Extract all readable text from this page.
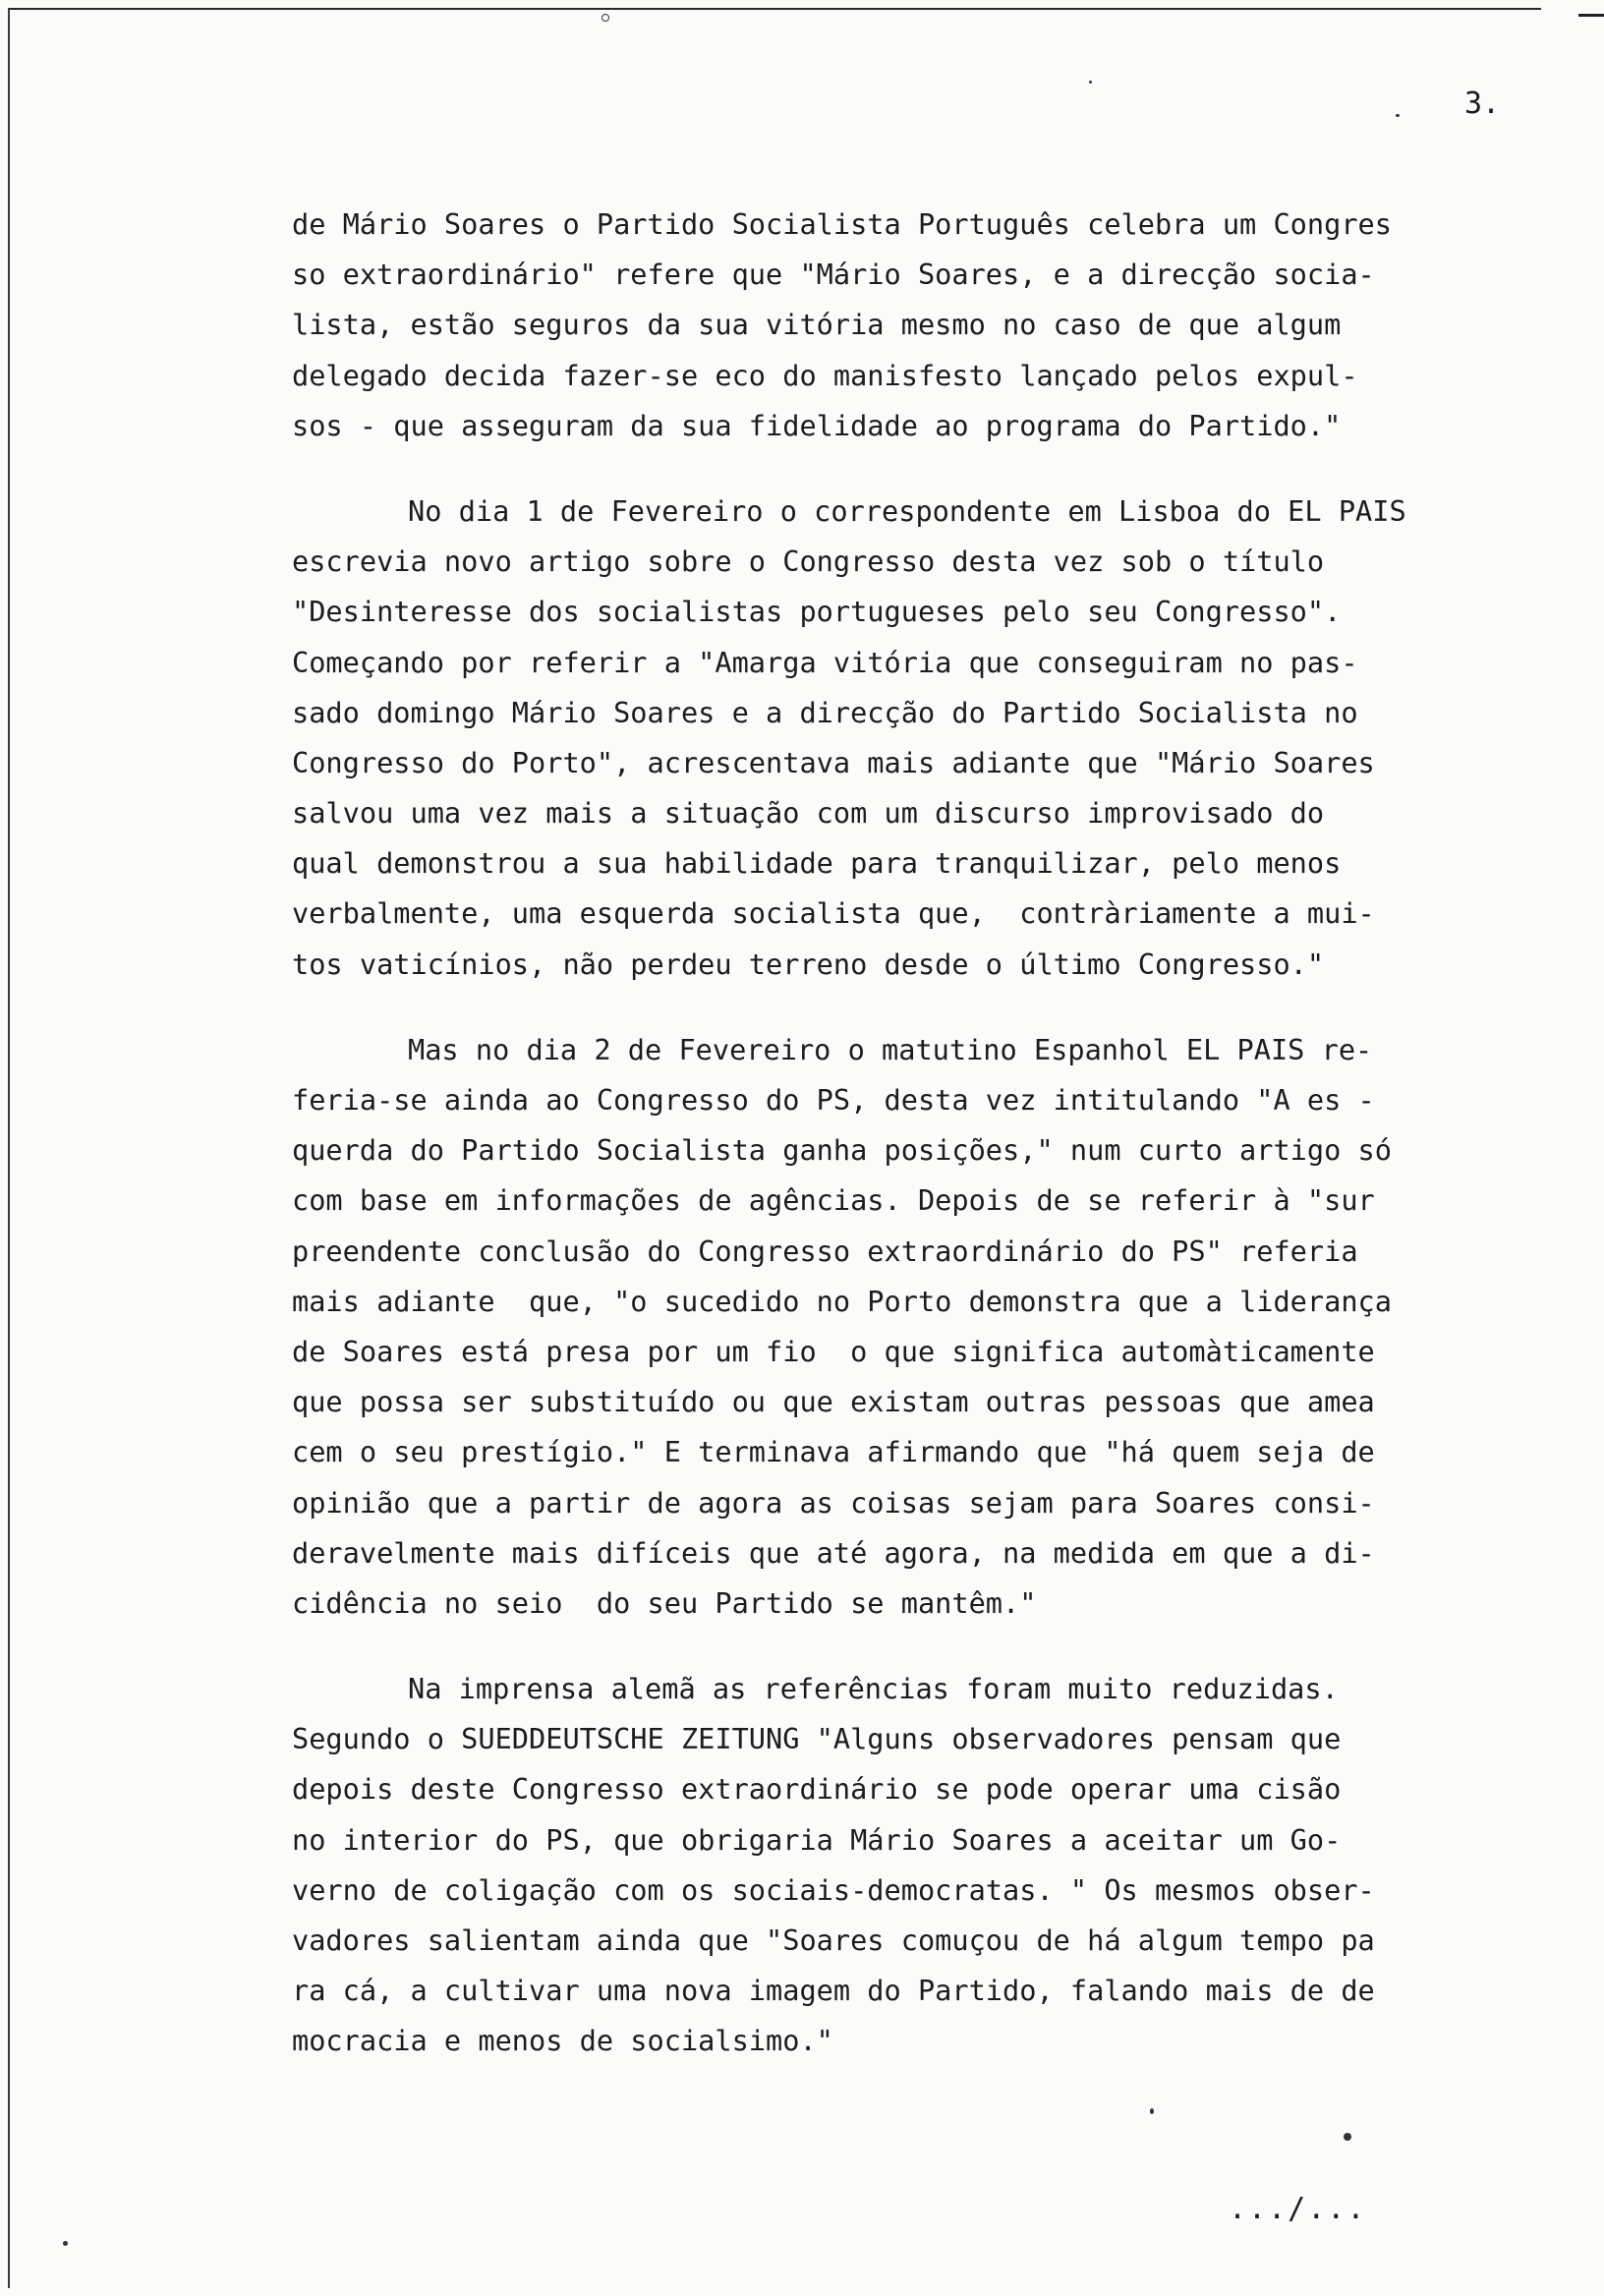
3.
de Mário Soares o Partido Socialista Português celebra um Congres
so extraordinário" refere que "Mário Soares, e a direcção socia-
lista, estão seguros da sua vitória mesmo no caso de que algum
delegado decida fazer-se eco do manisfesto lançado pelos expul-
sos - que asseguram da sua fidelidade ao programa do Partido."
No dia 1 de Fevereiro o correspondente em Lisboa do EL PAIS
escrevia novo artigo sobre o Congresso desta vez sob o título
"Desinteresse dos socialistas portugueses pelo seu Congresso".
Começando por referir a "Amarga vitória que conseguiram no pas-
sado domingo Mário Soares e a direcção do Partido Socialista no
Congresso do Porto", acrescentava mais adiante que "Mário Soares
salvou uma vez mais a situação com um discurso improvisado do
qual demonstrou a sua habilidade para tranquilizar, pelo menos
verbalmente, uma esquerda socialista que,  contràriamente a mui-
tos vaticínios, não perdeu terreno desde o último Congresso."
Mas no dia 2 de Fevereiro o matutino Espanhol EL PAIS re-
feria-se ainda ao Congresso do PS, desta vez intitulando "A es -
querda do Partido Socialista ganha posições," num curto artigo só
com base em informações de agências. Depois de se referir à "sur
preendente conclusão do Congresso extraordinário do PS" referia
mais adiante  que, "o sucedido no Porto demonstra que a liderança
de Soares está presa por um fio  o que significa automàticamente
que possa ser substituído ou que existam outras pessoas que amea
cem o seu prestígio." E terminava afirmando que "há quem seja de
opinião que a partir de agora as coisas sejam para Soares consi-
deravelmente mais difíceis que até agora, na medida em que a di-
cidência no seio  do seu Partido se mantêm."
Na imprensa alemã as referências foram muito reduzidas.
Segundo o SUEDDEUTSCHE ZEITUNG "Alguns observadores pensam que
depois deste Congresso extraordinário se pode operar uma cisão
no interior do PS, que obrigaria Mário Soares a aceitar um Go-
verno de coligação com os sociais-democratas. " Os mesmos obser-
vadores salientam ainda que "Soares comuçou de há algum tempo pa
ra cá, a cultivar uma nova imagem do Partido, falando mais de de
mocracia e menos de socialsimo."
.../...
